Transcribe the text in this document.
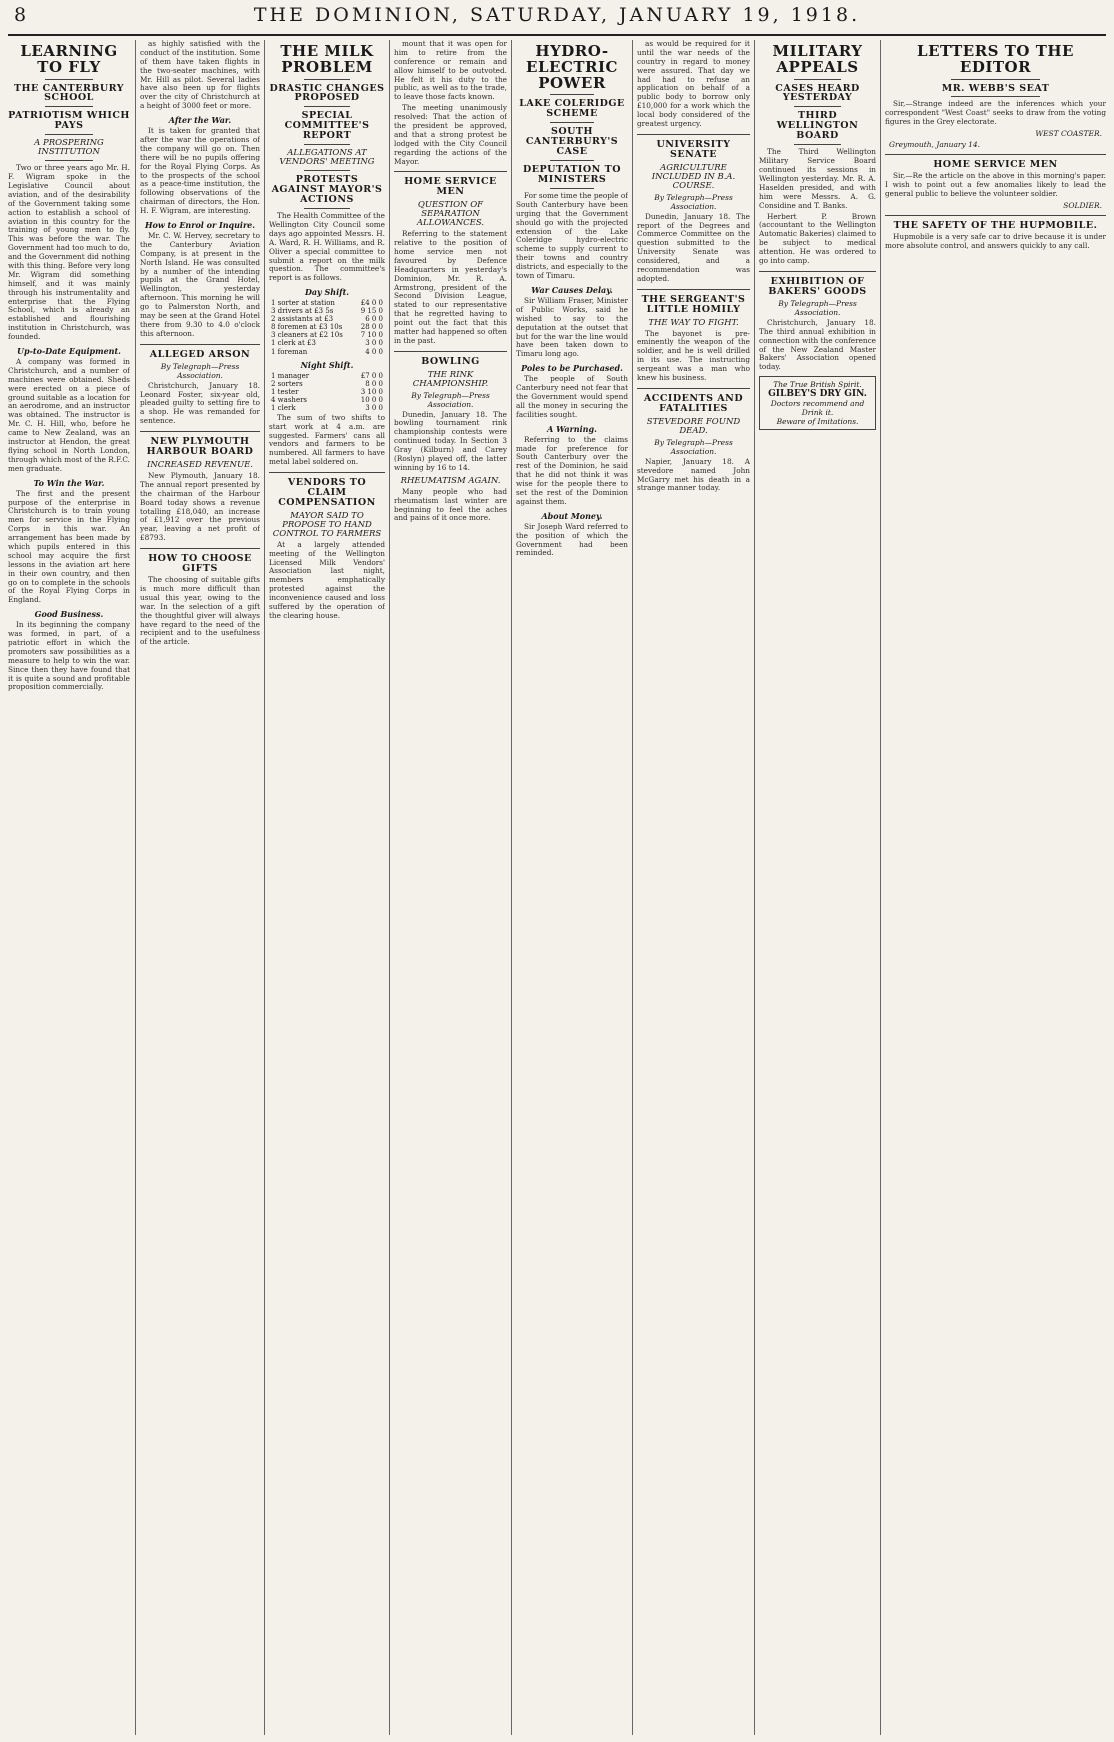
8	THE DOMINION, SATURDAY, JANUARY 19, 1918.
LEARNING TO FLY
THE CANTERBURY SCHOOL
PATRIOTISM WHICH PAYS
A PROSPERING INSTITUTION

Two or three years ago Mr. H. F. Wigram spoke in the Legislative Council about aviation, and of the desirability of the Government taking some action to establish a school of aviation in this country for the training of young men to fly. This was before the war. The Government had too much to do, and the Government did nothing with this thing. Before very long Mr. Wigram did something himself, and it was mainly through his instrumentality and enterprise that the Flying School, which is already an established and flourishing institution in Christchurch, was founded.

Up-to-Date Equipment.

A company was formed in Christchurch, and a number of machines were obtained. Sheds were erected on a piece of ground suitable as a location for an aerodrome, and an instructor was obtained. The instructor is Mr. C. H. Hill, who, before he came to New Zealand, was an instructor at Hendon, the great flying school in North London, through which most of the R.F.C. men graduate.

To Win the War.

The first and the present purpose of the enterprise in Christchurch is to train young men for service in the Flying Corps in this war. An arrangement has been made by which pupils entered in this school may acquire the first lessons in the aviation art here in their own country, and then go on to complete in the schools of the Royal Flying Corps in England.

Good Business.

In its beginning the company was formed, in part, of a patriotic effort in which the promoters saw possibilities as a measure to help to win the war. Since then they have found that it is quite a sound and profitable proposition commercially.

as highly satisfied with the conduct of the institution. Some of them have taken flights in the two-seater machines, with Mr. Hill as pilot. Several ladies have also been up for flights over the city of Christchurch at a height of 3000 feet or more.

After the War.

It is taken for granted that after the war the operations of the company will go on. Then there will be no pupils offering for the Royal Flying Corps. As to the prospects of the school as a peace-time institution, the following observations of the chairman of directors, the Hon. H. F. Wigram, are interesting.

How to Enrol or Inquire.

Mr. C. W. Hervey, secretary to the Canterbury Aviation Company, is at present in the North Island. He was consulted by a number of the intending pupils at the Grand Hotel, Wellington, yesterday afternoon. This morning he will go to Palmerston North, and may be seen at the Grand Hotel there from 9.30 to 4.0 o'clock this afternoon.

ALLEGED ARSON
By Telegraph—Press Association.

Christchurch, January 18. Leonard Foster, six-year old, pleaded guilty to setting fire to a shop. He was remanded for sentence.

NEW PLYMOUTH HARBOUR BOARD
INCREASED REVENUE.

New Plymouth, January 18. The annual report presented by the chairman of the Harbour Board today shows a revenue totalling £18,040, an increase of £1,912 over the previous year, leaving a net profit of £8793.

HOW TO CHOOSE GIFTS

The choosing of suitable gifts is much more difficult than usual this year, owing to the war. In the selection of a gift the thoughtful giver will always have regard to the need of the recipient and to the usefulness of the article.

THE MILK PROBLEM
DRASTIC CHANGES PROPOSED
SPECIAL COMMITTEE'S REPORT
ALLEGATIONS AT VENDORS' MEETING
PROTESTS AGAINST MAYOR'S ACTIONS

The Health Committee of the Wellington City Council some days ago appointed Messrs. H. A. Ward, R. H. Williams, and R. Oliver a special committee to submit a report on the milk question. The committee's report is as follows.

Day Shift.
1 sorter at station	£4 0 0
3 drivers at £3 5s	9 15 0
2 assistants at £3	6 0 0
8 foremen at £3 10s	28 0 0
3 cleaners at £2 10s	7 10 0
1 clerk at £3	3 0 0
1 foreman	4 0 0
Night Shift.
1 manager	£7 0 0
2 sorters	8 0 0
1 tester	3 10 0
4 washers	10 0 0
1 clerk	3 0 0

The sum of two shifts to start work at 4 a.m. are suggested. Farmers' cans all vendors and farmers to be numbered. All farmers to have metal label soldered on.

VENDORS TO CLAIM COMPENSATION
MAYOR SAID TO PROPOSE TO HAND CONTROL TO FARMERS

At a largely attended meeting of the Wellington Licensed Milk Vendors' Association last night, members emphatically protested against the inconvenience caused and loss suffered by the operation of the clearing house.

mount that it was open for him to retire from the conference or remain and allow himself to be outvoted. He felt it his duty to the public, as well as to the trade, to leave those facts known.

The meeting unanimously resolved: That the action of the president be approved, and that a strong protest be lodged with the City Council regarding the actions of the Mayor.

HOME SERVICE MEN
QUESTION OF SEPARATION ALLOWANCES.

Referring to the statement relative to the position of home service men not favoured by Defence Headquarters in yesterday's Dominion, Mr. R. A. Armstrong, president of the Second Division League, stated to our representative that he regretted having to point out the fact that this matter had happened so often in the past.

BOWLING
THE RINK CHAMPIONSHIP.
By Telegraph—Press Association.

Dunedin, January 18. The bowling tournament rink championship contests were continued today. In Section 3 Gray (Kilburn) and Carey (Roslyn) played off, the latter winning by 16 to 14.

RHEUMATISM AGAIN.

Many people who had rheumatism last winter are beginning to feel the aches and pains of it once more.

HYDRO-ELECTRIC POWER
LAKE COLERIDGE SCHEME
SOUTH CANTERBURY'S CASE
DEPUTATION TO MINISTERS

For some time the people of South Canterbury have been urging that the Government should go with the projected extension of the Lake Coleridge hydro-electric scheme to supply current to their towns and country districts, and especially to the town of Timaru.

War Causes Delay.

Sir William Fraser, Minister of Public Works, said he wished to say to the deputation at the outset that but for the war the line would have been taken down to Timaru long ago.

Poles to be Purchased.

The people of South Canterbury need not fear that the Government would spend all the money in securing the facilities sought.

A Warning.

Referring to the claims made for preference for South Canterbury over the rest of the Dominion, he said that he did not think it was wise for the people there to set the rest of the Dominion against them.

About Money.

Sir Joseph Ward referred to the position of which the Government had been reminded.

as would be required for it until the war needs of the country in regard to money were assured. That day we had had to refuse an application on behalf of a public body to borrow only £10,000 for a work which the local body considered of the greatest urgency.

UNIVERSITY SENATE
AGRICULTURE INCLUDED IN B.A. COURSE.
By Telegraph—Press Association.

Dunedin, January 18. The report of the Degrees and Commerce Committee on the question submitted to the University Senate was considered, and a recommendation was adopted.

THE SERGEANT'S LITTLE HOMILY
THE WAY TO FIGHT.

The bayonet is pre-eminently the weapon of the soldier, and he is well drilled in its use. The instructing sergeant was a man who knew his business.

ACCIDENTS AND FATALITIES
STEVEDORE FOUND DEAD.
By Telegraph—Press Association.

Napier, January 18. A stevedore named John McGarry met his death in a strange manner today.

MILITARY APPEALS
CASES HEARD YESTERDAY
THIRD WELLINGTON BOARD

The Third Wellington Military Service Board continued its sessions in Wellington yesterday. Mr. R. A. Haselden presided, and with him were Messrs. A. G. Considine and T. Banks.

Herbert P. Brown (accountant to the Wellington Automatic Bakeries) claimed to be subject to medical attention. He was ordered to go into camp.

EXHIBITION OF BAKERS' GOODS
By Telegraph—Press Association.

Christchurch, January 18. The third annual exhibition in connection with the conference of the New Zealand Master Bakers' Association opened today.

The True British Spirit.
GILBEY'S DRY GIN.
Doctors recommend and Drink it.
Beware of Imitations.
LETTERS TO THE EDITOR
MR. WEBB'S SEAT

Sir,—Strange indeed are the inferences which your correspondent "West Coast" seeks to draw from the voting figures in the Grey electorate.

WEST COASTER.
Greymouth, January 14.
HOME SERVICE MEN

Sir,—Re the article on the above in this morning's paper. I wish to point out a few anomalies likely to lead the general public to believe the volunteer soldier.

SOLDIER.
THE SAFETY OF THE HUPMOBILE.

Hupmobile is a very safe car to drive because it is under more absolute control, and answers quickly to any call.
